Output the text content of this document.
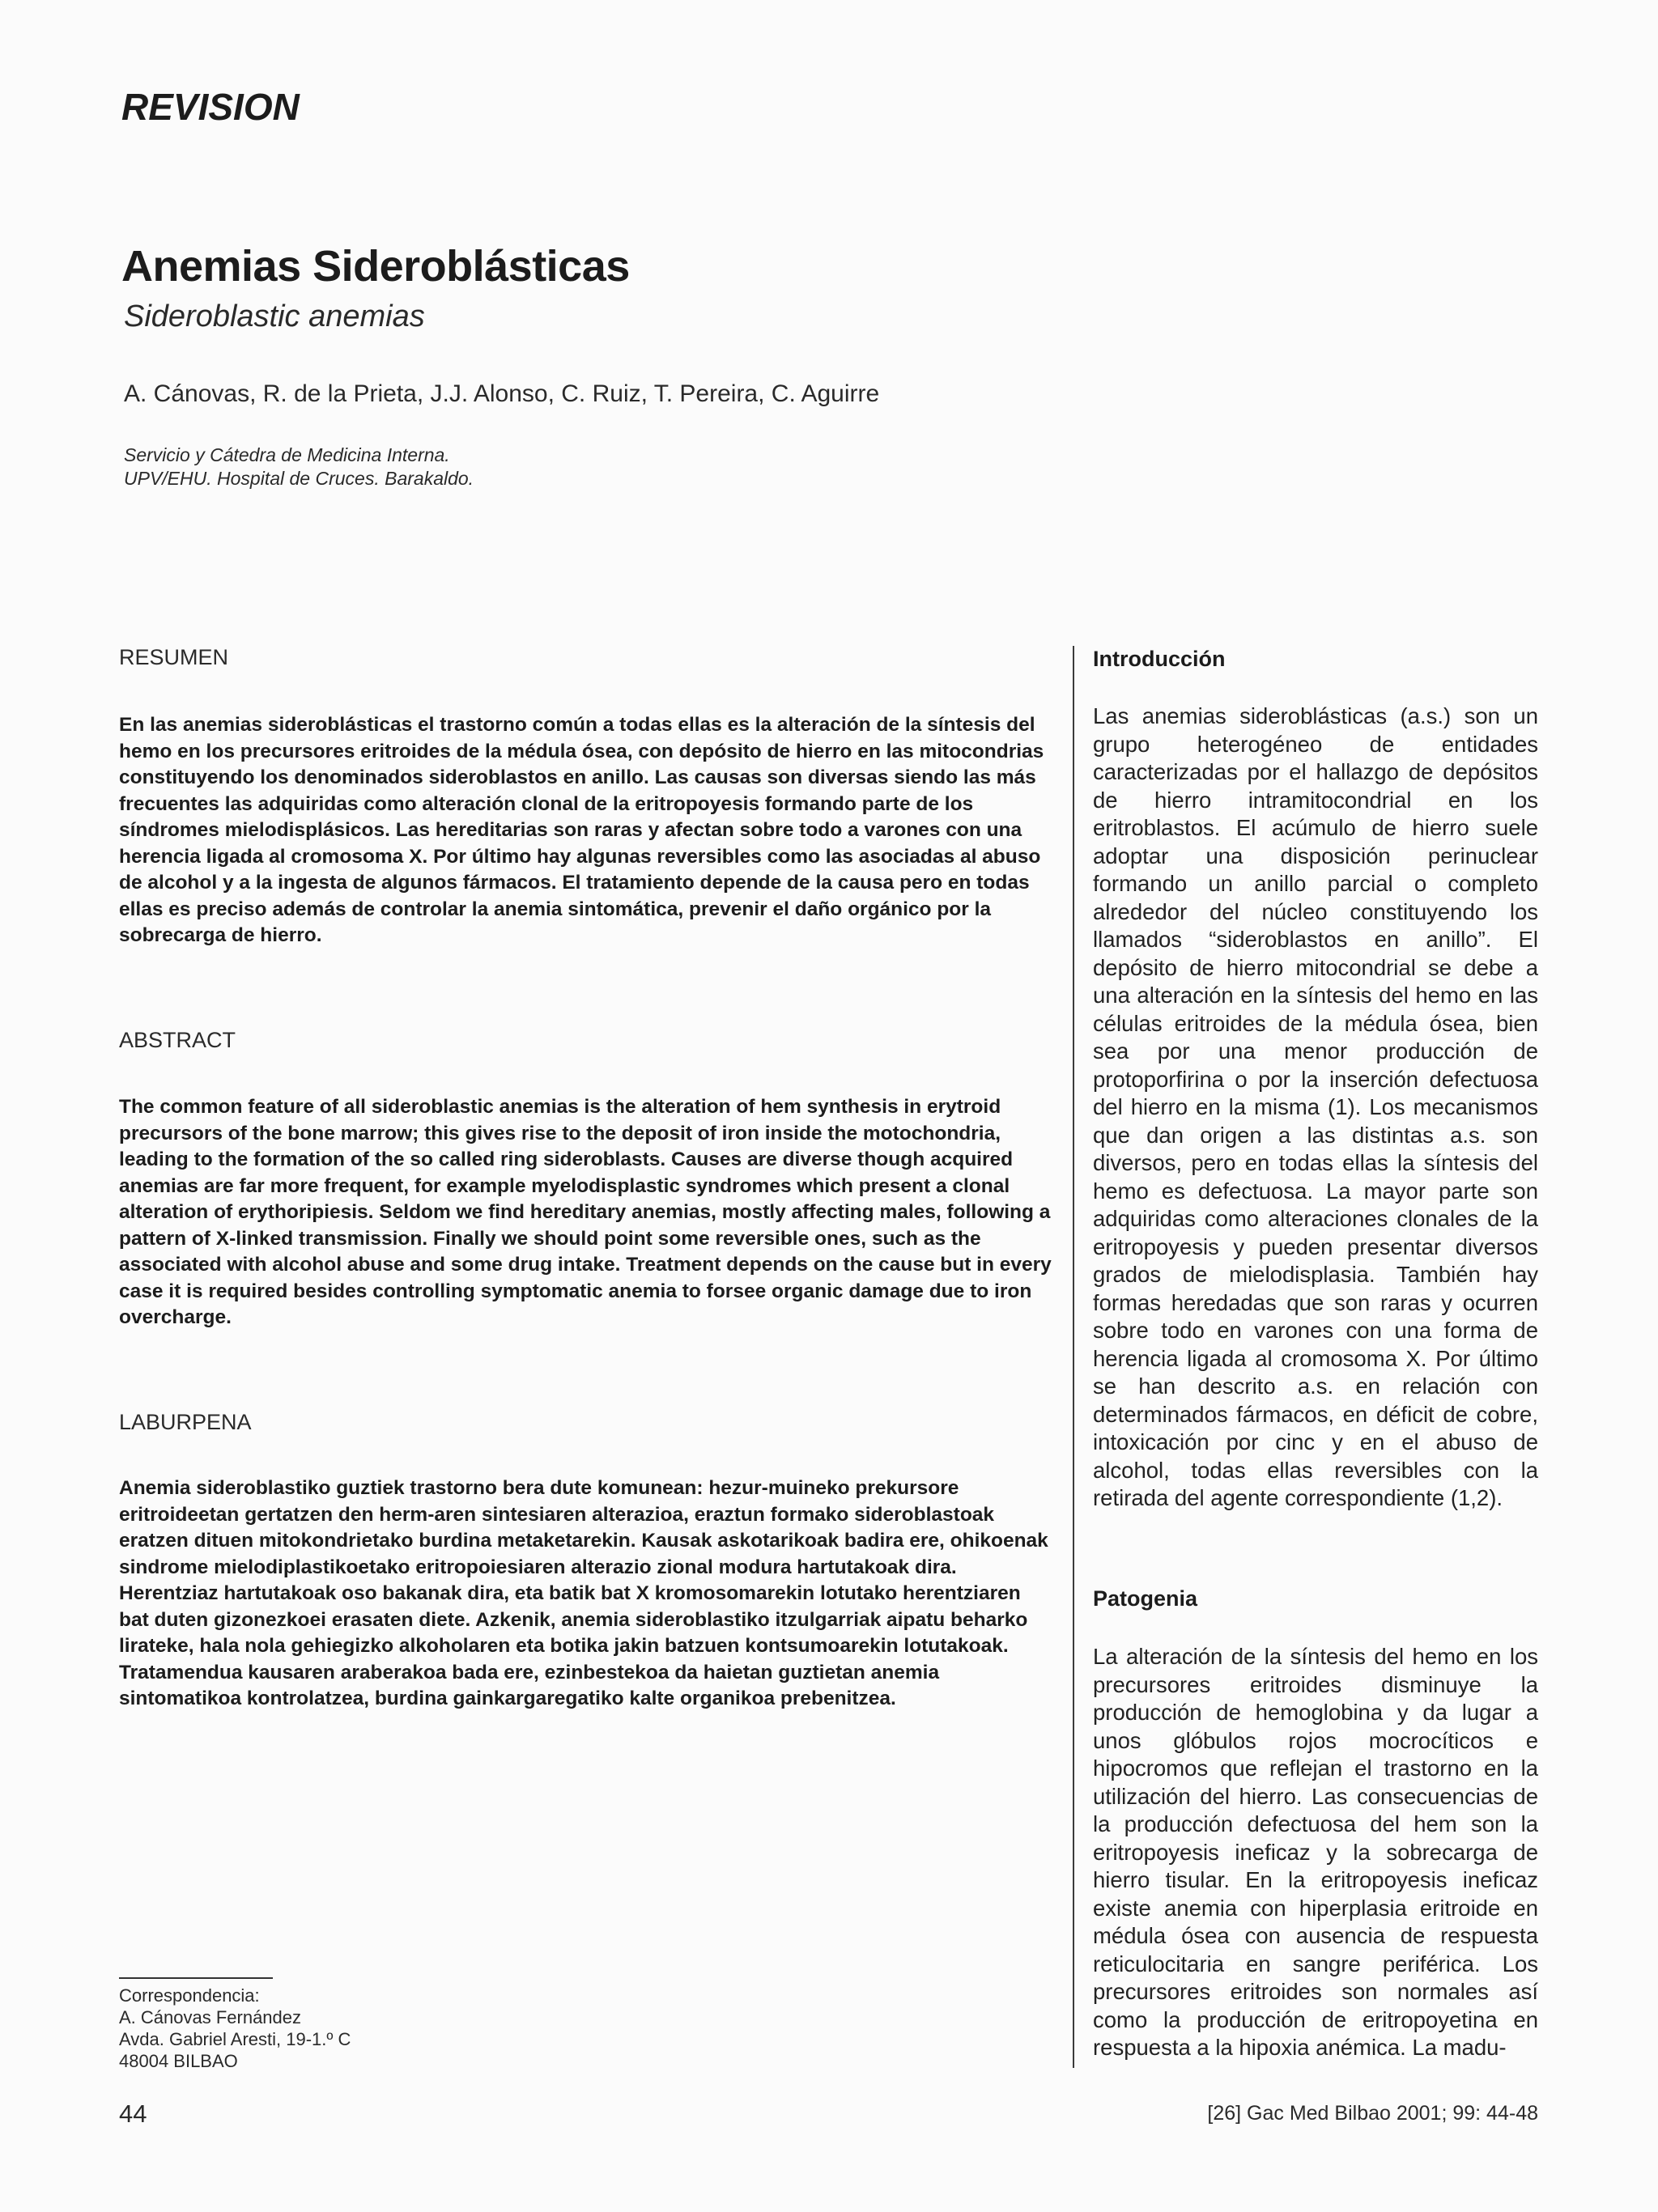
REVISION
Anemias Sideroblásticas
Sideroblastic anemias
A. Cánovas, R. de la Prieta, J.J. Alonso, C. Ruiz, T. Pereira, C. Aguirre
Servicio y Cátedra de Medicina Interna.
UPV/EHU. Hospital de Cruces. Barakaldo.
RESUMEN
En las anemias sideroblásticas el trastorno común a todas ellas es la alteración de la síntesis del hemo en los precursores eritroides de la médula ósea, con depósito de hierro en las mitocondrias constituyendo los denominados sideroblastos en anillo. Las causas son diversas siendo las más frecuentes las adquiridas como alteración clonal de la eritropoyesis formando parte de los síndromes mielodisplásicos. Las hereditarias son raras y afectan sobre todo a varones con una herencia ligada al cromosoma X. Por último hay algunas reversibles como las asociadas al abuso de alcohol y a la ingesta de algunos fármacos. El tratamiento depende de la causa pero en todas ellas es preciso además de controlar la anemia sintomática, prevenir el daño orgánico por la sobrecarga de hierro.
ABSTRACT
The common feature of all sideroblastic anemias is the alteration of hem synthesis in erytroid precursors of the bone marrow; this gives rise to the deposit of iron inside the motochondria, leading to the formation of the so called ring sideroblasts. Causes are diverse though acquired anemias are far more frequent, for example myelodisplastic syndromes which present a clonal alteration of erythoripiesis. Seldom we find hereditary anemias, mostly affecting males, following a pattern of X-linked transmission. Finally we should point some reversible ones, such as the associated with alcohol abuse and some drug intake. Treatment depends on the cause but in every case it is required besides controlling symptomatic anemia to forsee organic damage due to iron overcharge.
LABURPENA
Anemia sideroblastiko guztiek trastorno bera dute komunean: hezur-muineko prekursore eritroideetan gertatzen den herm-aren sintesiaren alterazioa, eraztun formako sideroblastoak eratzen dituen mitokondrietako burdina metaketarekin. Kausak askotarikoak badira ere, ohikoenak sindrome mielodiplastikoetako eritropoiesiaren alterazio zional modura hartutakoak dira. Herentziaz hartutakoak oso bakanak dira, eta batik bat X kromosomarekin lotutako herentziaren bat duten gizonezkoei erasaten diete. Azkenik, anemia sideroblastiko itzulgarriak aipatu beharko lirateke, hala nola gehiegizko alkoholaren eta botika jakin batzuen kontsumoarekin lotutakoak. Tratamendua kausaren araberakoa bada ere, ezinbestekoa da haietan guztietan anemia sintomatikoa kontrolatzea, burdina gainkargaregatiko kalte organikoa prebenitzea.
Introducción
Las anemias sideroblásticas (a.s.) son un grupo heterogéneo de entidades caracterizadas por el hallazgo de depósitos de hierro intramitocondrial en los eritroblastos. El acúmulo de hierro suele adoptar una disposición perinuclear formando un anillo parcial o completo alrededor del núcleo constituyendo los llamados “sideroblastos en anillo”. El depósito de hierro mitocondrial se debe a una alteración en la síntesis del hemo en las células eritroides de la médula ósea, bien sea por una menor producción de protoporfirina o por la inserción defectuosa del hierro en la misma (1). Los mecanismos que dan origen a las distintas a.s. son diversos, pero en todas ellas la síntesis del hemo es defectuosa. La mayor parte son adquiridas como alteraciones clonales de la eritropoyesis y pueden presentar diversos grados de mielodisplasia. También hay formas heredadas que son raras y ocurren sobre todo en varones con una forma de herencia ligada al cromosoma X. Por último se han descrito a.s. en relación con determinados fármacos, en déficit de cobre, intoxicación por cinc y en el abuso de alcohol, todas ellas reversibles con la retirada del agente correspondiente (1,2).
Patogenia
La alteración de la síntesis del hemo en los precursores eritroides disminuye la producción de hemoglobina y da lugar a unos glóbulos rojos mocrocíticos e hipocromos que reflejan el trastorno en la utilización del hierro. Las consecuencias de la producción defectuosa del hem son la eritropoyesis ineficaz y la sobrecarga de hierro tisular. En la eritropoyesis ineficaz existe anemia con hiperplasia eritroide en médula ósea con ausencia de respuesta reticulocitaria en sangre periférica. Los precursores eritroides son normales así como la producción de eritropoyetina en respuesta a la hipoxia anémica. La madu-
Correspondencia:
A. Cánovas Fernández
Avda. Gabriel Aresti, 19-1.º C
48004 BILBAO
44	[26] Gac Med Bilbao 2001; 99: 44-48
